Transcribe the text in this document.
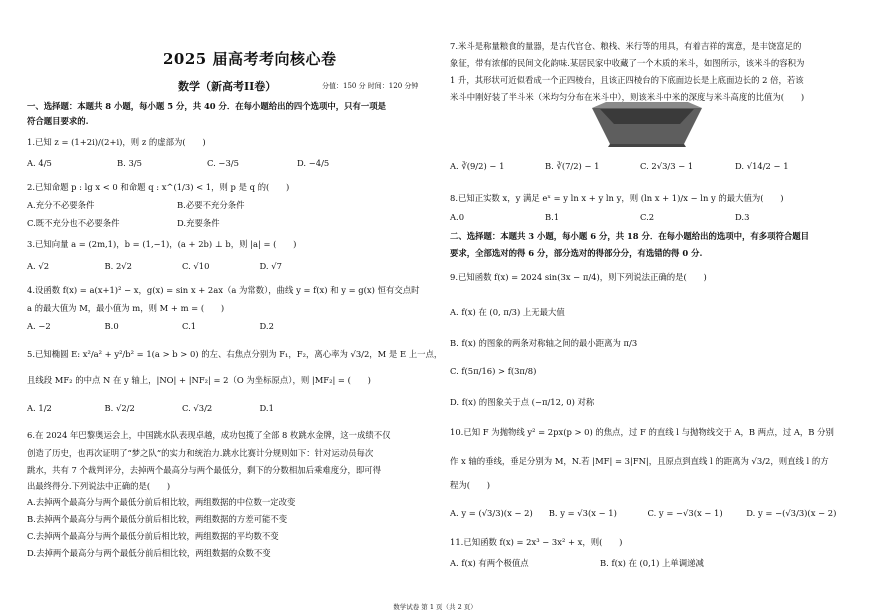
2025 届高考考向核心卷
数学（新高考II卷）	分值：150 分 时间：120 分钟
一、选择题：本题共 8 小题，每小题 5 分，共 40 分．在每小题给出的四个选项中，只有一项是
符合题目要求的.
1.已知 z = (1+2i)/(2+i)，则 z 的虚部为(　　)
A. 4/5	B. 3/5	C. −3/5	D. −4/5
2.已知命题 p : lg x < 0 和命题 q : x^(1/3) < 1，则 p 是 q 的(　　)
A.充分不必要条件	B.必要不充分条件
C.既不充分也不必要条件	D.充要条件
3.已知向量 a = (2m,1)，b = (1,−1)，(a + 2b) ⊥ b，则 |a| = (　　)
A. √2	B. 2√2	C. √10	D. √7
4.设函数 f(x) = a(x+1)² − x，g(x) = sin x + 2ax（a 为常数），曲线 y = f(x) 和 y = g(x) 恒有交点时
a 的最大值为 M，最小值为 m，则 M + m = (　　)
A. −2	B.0	C.1	D.2
5.已知椭圆 E: x²/a² + y²/b² = 1(a > b > 0) 的左、右焦点分别为 F₁，F₂，离心率为 √3/2，M 是 E 上一点，
且线段 MF₂ 的中点 N 在 y 轴上，|NO| + |NF₂| = 2（O 为坐标原点），则 |MF₂| = (　　)
A. 1/2	B. √2/2	C. √3/2	D.1
6.在 2024 年巴黎奥运会上，中国跳水队表现卓越，成功包揽了全部 8 枚跳水金牌，这一成绩不仅
创造了历史，也再次证明了“梦之队”的实力和统治力.跳水比赛计分规则如下：针对运动员每次
跳水，共有 7 个裁判评分，去掉两个最高分与两个最低分，剩下的分数相加后乘难度分，即可得
出最终得分.下列说法中正确的是(　　)
A.去掉两个最高分与两个最低分前后相比较，两组数据的中位数一定改变
B.去掉两个最高分与两个最低分前后相比较，两组数据的方差可能不变
C.去掉两个最高分与两个最低分前后相比较，两组数据的平均数不变
D.去掉两个最高分与两个最低分前后相比较，两组数据的众数不变
7.米斗是称量粮食的量器，是古代官仓、粮栈、米行等的用具，有着吉祥的寓意，是丰饶富足的
象征，带有浓郁的民间文化韵味.某居民家中收藏了一个木质的米斗，如图所示，该米斗的容积为
1 升，其形状可近似看成一个正四棱台，且该正四棱台的下底面边长是上底面边长的 2 倍，若该
米斗中刚好装了半斗米（米均匀分布在米斗中），则该米斗中米的深度与米斗高度的比值为(　　)
A. ∛(9/2) − 1	B. ∛(7/2) − 1	C. 2√3/3 − 1	D. √14/2 − 1
8.已知正实数 x，y 满足 eˣ = y ln x + y ln y，则 (ln x + 1)/x − ln y 的最大值为(　　)
A.0	B.1	C.2	D.3
二、选择题：本题共 3 小题，每小题 6 分，共 18 分．在每小题给出的选项中，有多项符合题目
要求，全部选对的得 6 分，部分选对的得部分分，有选错的得 0 分.
9.已知函数 f(x) = 2024 sin(3x − π/4)，则下列说法正确的是(　　)
A. f(x) 在 (0, π/3) 上无最大值
B. f(x) 的图象的两条对称轴之间的最小距离为 π/3
C. f(5π/16) > f(3π/8)
D. f(x) 的图象关于点 (−π/12, 0) 对称
10.已知 F 为抛物线 y² = 2px(p > 0) 的焦点，过 F 的直线 l 与抛物线交于 A，B 两点，过 A，B 分别
作 x 轴的垂线，垂足分别为 M，N.若 |MF| = 3|FN|，且原点到直线 l 的距离为 √3/2，则直线 l 的方
程为(　　)
A. y = (√3/3)(x − 2)	B. y = √3(x − 1)	C. y = −√3(x − 1)	D. y = −(√3/3)(x − 2)
11.已知函数 f(x) = 2x³ − 3x² + x，则(　　)
A. f(x) 有两个极值点	B. f(x) 在 (0,1) 上单调递减
数学试卷 第 1 页（共 2 页）
